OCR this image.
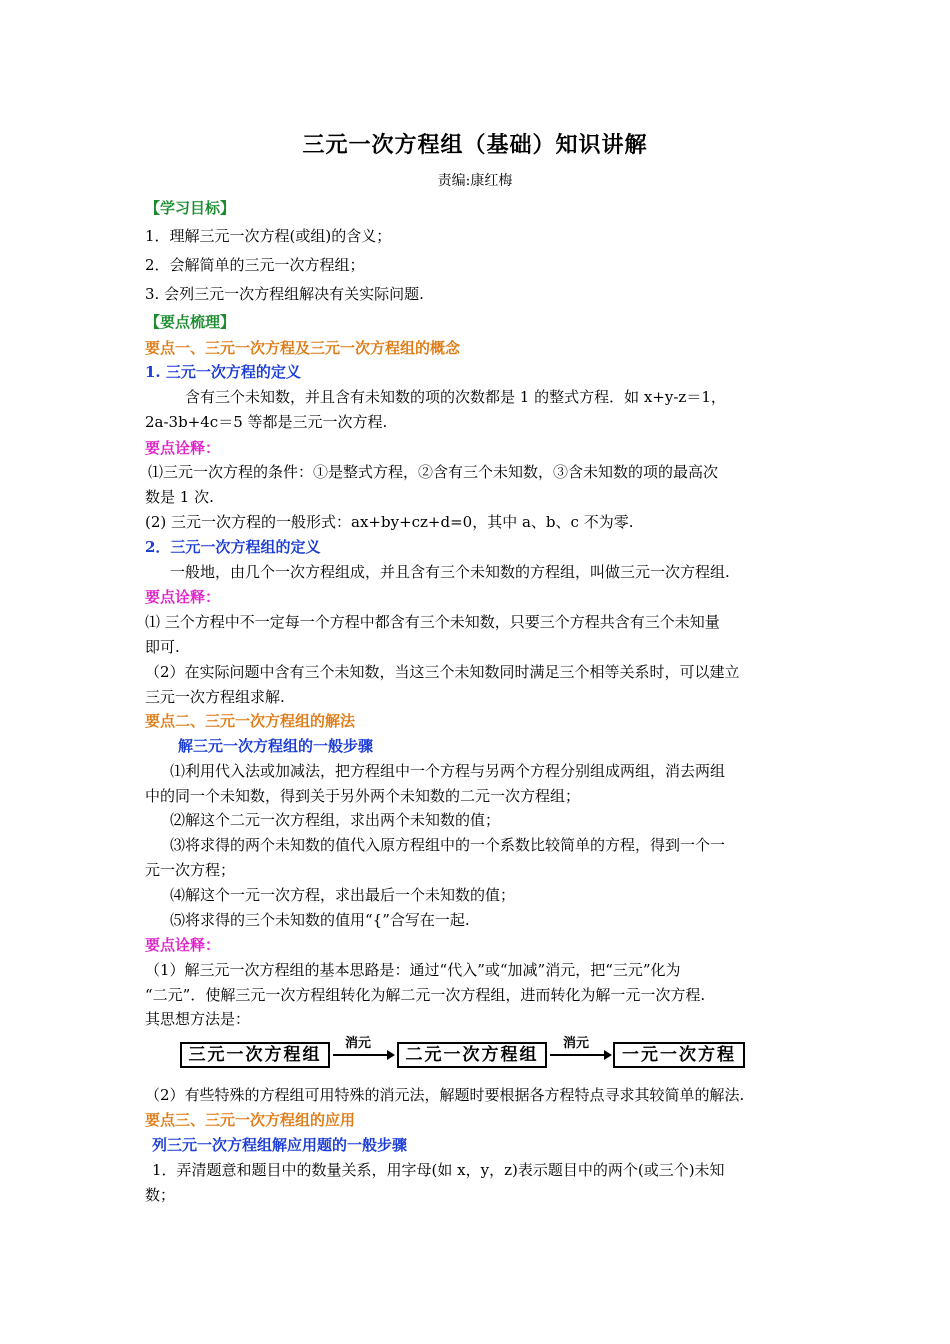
三元一次方程组（基础）知识讲解
责编:康红梅
【学习目标】
1．理解三元一次方程(或组)的含义；
2．会解简单的三元一次方程组；
3. 会列三元一次方程组解决有关实际问题.
【要点梳理】
要点一、三元一次方程及三元一次方程组的概念
1. 三元一次方程的定义
含有三个未知数，并且含有未知数的项的次数都是 1 的整式方程．如 x+y-z＝1，
2a-3b+4c＝5 等都是三元一次方程.
要点诠释：
⑴三元一次方程的条件：①是整式方程，②含有三个未知数，③含未知数的项的最高次
数是 1 次.
(2) 三元一次方程的一般形式：ax+by+cz+d=0，其中 a、b、c 不为零.
2．三元一次方程组的定义
一般地，由几个一次方程组成，并且含有三个未知数的方程组，叫做三元一次方程组.
要点诠释：
⑴ 三个方程中不一定每一个方程中都含有三个未知数，只要三个方程共含有三个未知量
即可.
（2）在实际问题中含有三个未知数，当这三个未知数同时满足三个相等关系时，可以建立
三元一次方程组求解.
要点二、三元一次方程组的解法
解三元一次方程组的一般步骤
⑴利用代入法或加减法，把方程组中一个方程与另两个方程分别组成两组，消去两组
中的同一个未知数，得到关于另外两个未知数的二元一次方程组；
⑵解这个二元一次方程组，求出两个未知数的值；
⑶将求得的两个未知数的值代入原方程组中的一个系数比较简单的方程，得到一个一
元一次方程；
⑷解这个一元一次方程，求出最后一个未知数的值；
⑸将求得的三个未知数的值用“{”合写在一起.
要点诠释：
（1）解三元一次方程组的基本思路是：通过“代入”或“加减”消元，把“三元”化为
“二元”．使解三元一次方程组转化为解二元一次方程组，进而转化为解一元一次方程.
其思想方法是：
三元一次方程组
消元
二元一次方程组
消元
一元一次方程
（2）有些特殊的方程组可用特殊的消元法，解题时要根据各方程特点寻求其较简单的解法.
要点三、三元一次方程组的应用
列三元一次方程组解应用题的一般步骤
1．弄清题意和题目中的数量关系，用字母(如 x，y，z)表示题目中的两个(或三个)未知
数；
